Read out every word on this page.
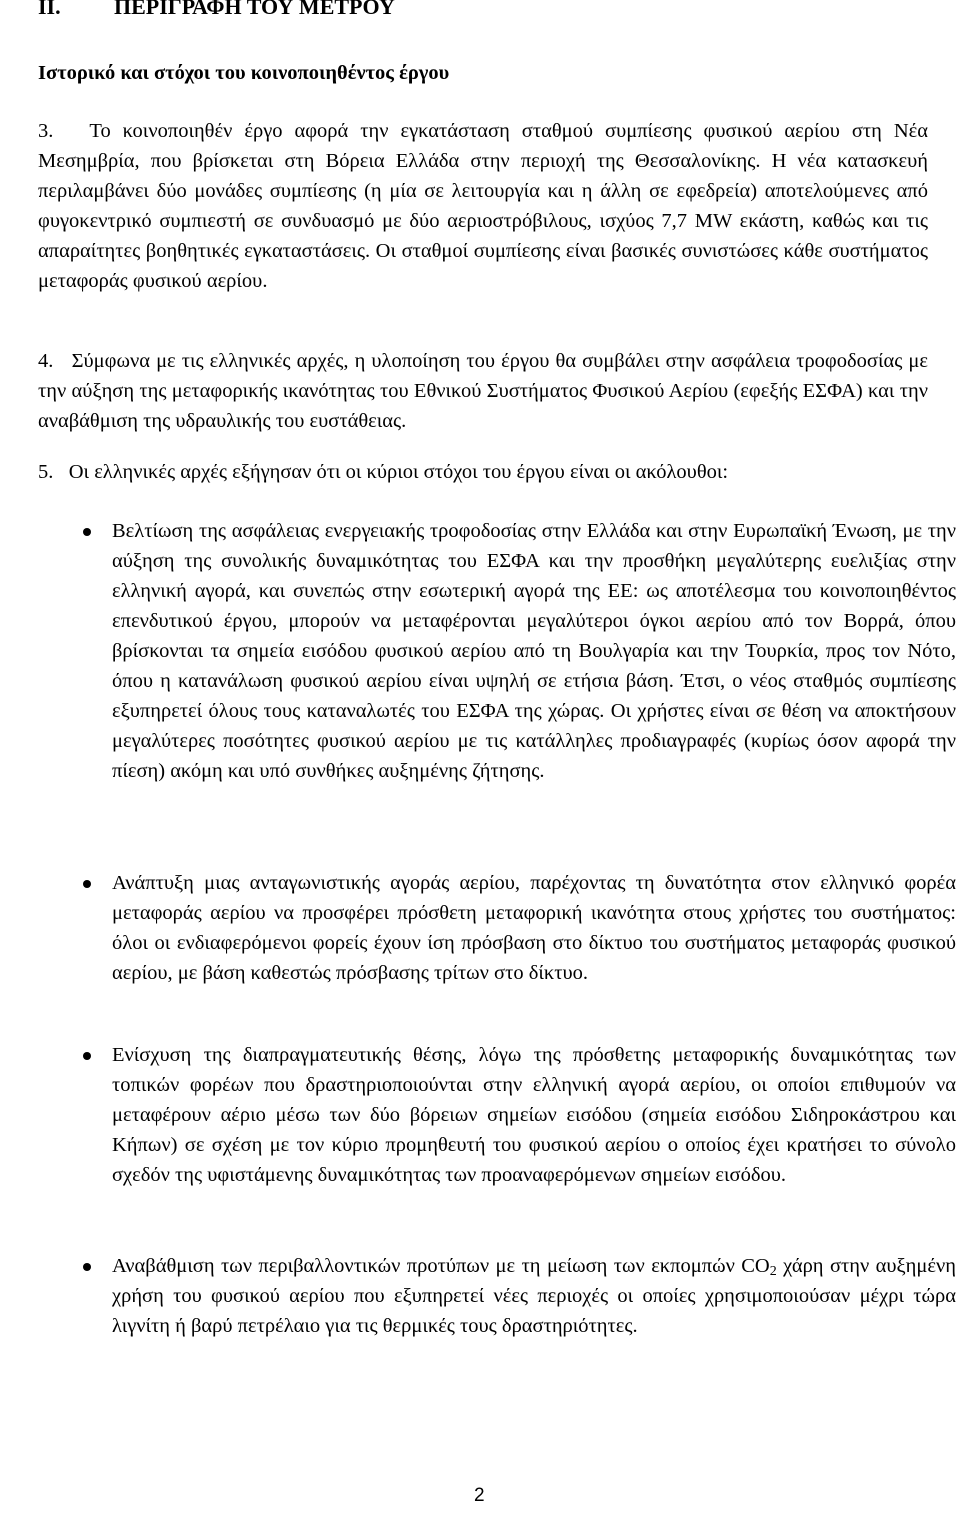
II. ΠΕΡΙΓΡΑΦΗ ΤΟΥ ΜΕΤΡΟΥ
Ιστορικό και στόχοι του κοινοποιηθέντος έργου
3. Το κοινοποιηθέν έργο αφορά την εγκατάσταση σταθμού συμπίεσης φυσικού αερίου στη Νέα Μεσημβρία, που βρίσκεται στη Βόρεια Ελλάδα στην περιοχή της Θεσσαλονίκης. Η νέα κατασκευή περιλαμβάνει δύο μονάδες συμπίεσης (η μία σε λειτουργία και η άλλη σε εφεδρεία) αποτελούμενες από φυγοκεντρικό συμπιεστή σε συνδυασμό με δύο αεριοστρόβιλους, ισχύος 7,7 MW εκάστη, καθώς και τις απαραίτητες βοηθητικές εγκαταστάσεις. Οι σταθμοί συμπίεσης είναι βασικές συνιστώσες κάθε συστήματος μεταφοράς φυσικού αερίου.
4. Σύμφωνα με τις ελληνικές αρχές, η υλοποίηση του έργου θα συμβάλει στην ασφάλεια τροφοδοσίας με την αύξηση της μεταφορικής ικανότητας του Εθνικού Συστήματος Φυσικού Αερίου (εφεξής ΕΣΦΑ) και την αναβάθμιση της υδραυλικής του ευστάθειας.
5. Οι ελληνικές αρχές εξήγησαν ότι οι κύριοι στόχοι του έργου είναι οι ακόλουθοι:
Βελτίωση της ασφάλειας ενεργειακής τροφοδοσίας στην Ελλάδα και στην Ευρωπαϊκή Ένωση, με την αύξηση της συνολικής δυναμικότητας του ΕΣΦΑ και την προσθήκη μεγαλύτερης ευελιξίας στην ελληνική αγορά, και συνεπώς στην εσωτερική αγορά της ΕΕ: ως αποτέλεσμα του κοινοποιηθέντος επενδυτικού έργου, μπορούν να μεταφέρονται μεγαλύτεροι όγκοι αερίου από τον Βορρά, όπου βρίσκονται τα σημεία εισόδου φυσικού αερίου από τη Βουλγαρία και την Τουρκία, προς τον Νότο, όπου η κατανάλωση φυσικού αερίου είναι υψηλή σε ετήσια βάση. Έτσι, ο νέος σταθμός συμπίεσης εξυπηρετεί όλους τους καταναλωτές του ΕΣΦΑ της χώρας. Οι χρήστες είναι σε θέση να αποκτήσουν μεγαλύτερες ποσότητες φυσικού αερίου με τις κατάλληλες προδιαγραφές (κυρίως όσον αφορά την πίεση) ακόμη και υπό συνθήκες αυξημένης ζήτησης.
Ανάπτυξη μιας ανταγωνιστικής αγοράς αερίου, παρέχοντας τη δυνατότητα στον ελληνικό φορέα μεταφοράς αερίου να προσφέρει πρόσθετη μεταφορική ικανότητα στους χρήστες του συστήματος: όλοι οι ενδιαφερόμενοι φορείς έχουν ίση πρόσβαση στο δίκτυο του συστήματος μεταφοράς φυσικού αερίου, με βάση καθεστώς πρόσβασης τρίτων στο δίκτυο.
Ενίσχυση της διαπραγματευτικής θέσης, λόγω της πρόσθετης μεταφορικής δυναμικότητας των τοπικών φορέων που δραστηριοποιούνται στην ελληνική αγορά αερίου, οι οποίοι επιθυμούν να μεταφέρουν αέριο μέσω των δύο βόρειων σημείων εισόδου (σημεία εισόδου Σιδηροκάστρου και Κήπων) σε σχέση με τον κύριο προμηθευτή του φυσικού αερίου ο οποίος έχει κρατήσει το σύνολο σχεδόν της υφιστάμενης δυναμικότητας των προαναφερόμενων σημείων εισόδου.
Αναβάθμιση των περιβαλλοντικών προτύπων με τη μείωση των εκπομπών $CO_2$ χάρη στην αυξημένη χρήση του φυσικού αερίου που εξυπηρετεί νέες περιοχές οι οποίες χρησιμοποιούσαν μέχρι τώρα λιγνίτη ή βαρύ πετρέλαιο για τις θερμικές τους δραστηριότητες.
2
